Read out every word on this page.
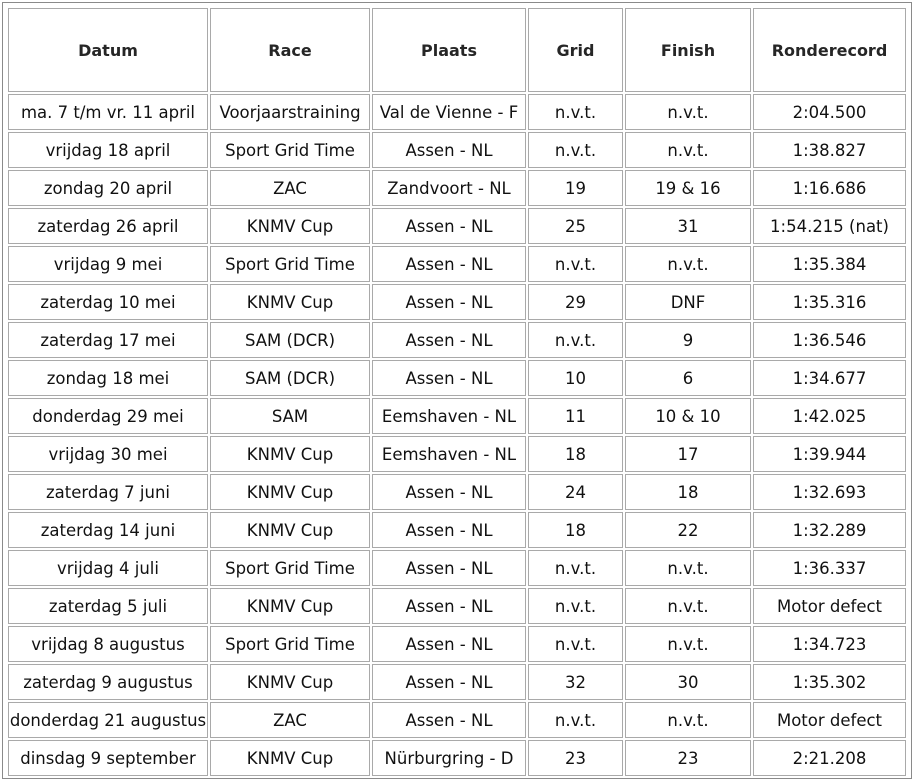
Datum	Race	Plaats	Grid	Finish	Ronderecord
ma. 7 t/m vr. 11 april	Voorjaarstraining	Val de Vienne - F	n.v.t.	n.v.t.	2:04.500
vrijdag 18 april	Sport Grid Time	Assen - NL	n.v.t.	n.v.t.	1:38.827
zondag 20 april	ZAC	Zandvoort - NL	19	19 & 16	1:16.686
zaterdag 26 april	KNMV Cup	Assen - NL	25	31	1:54.215 (nat)
vrijdag 9 mei	Sport Grid Time	Assen - NL	n.v.t.	n.v.t.	1:35.384
zaterdag 10 mei	KNMV Cup	Assen - NL	29	DNF	1:35.316
zaterdag 17 mei	SAM (DCR)	Assen - NL	n.v.t.	9	1:36.546
zondag 18 mei	SAM (DCR)	Assen - NL	10	6	1:34.677
donderdag 29 mei	SAM	Eemshaven - NL	11	10 & 10	1:42.025
vrijdag 30 mei	KNMV Cup	Eemshaven - NL	18	17	1:39.944
zaterdag 7 juni	KNMV Cup	Assen - NL	24	18	1:32.693
zaterdag 14 juni	KNMV Cup	Assen - NL	18	22	1:32.289
vrijdag 4 juli	Sport Grid Time	Assen - NL	n.v.t.	n.v.t.	1:36.337
zaterdag 5 juli	KNMV Cup	Assen - NL	n.v.t.	n.v.t.	Motor defect
vrijdag 8 augustus	Sport Grid Time	Assen - NL	n.v.t.	n.v.t.	1:34.723
zaterdag 9 augustus	KNMV Cup	Assen - NL	32	30	1:35.302
donderdag 21 augustus	ZAC	Assen - NL	n.v.t.	n.v.t.	Motor defect
dinsdag 9 september	KNMV Cup	Nürburgring - D	23	23	2:21.208
